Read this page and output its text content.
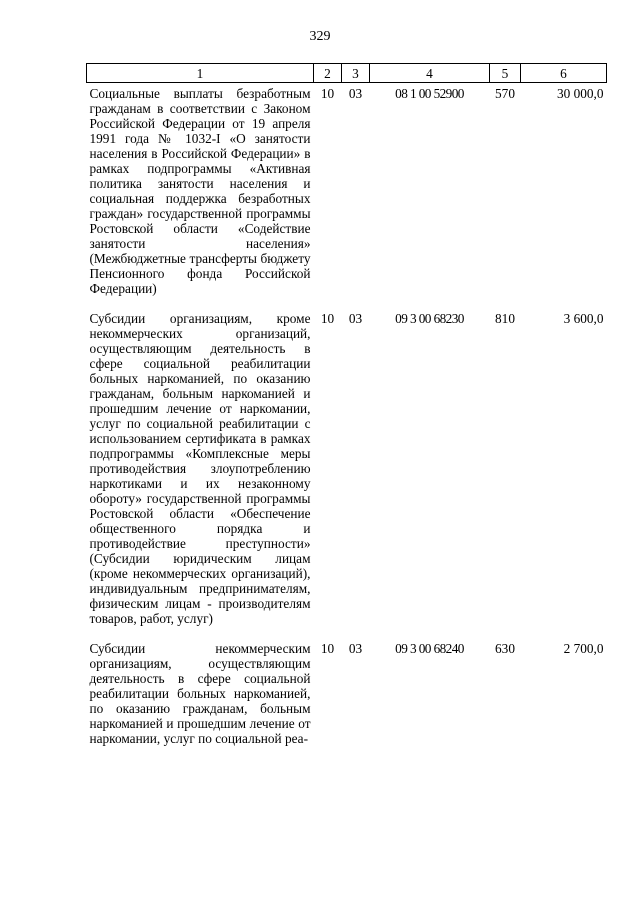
329
1	2	3	4	5	6
Социальные выплаты безработным гражданам в соответствии с Законом Российской Федерации от 19 апреля 1991 года № 1032-I «О занятости населения в Российской Федерации» в рамках подпрограммы «Активная политика занятости населения и социальная поддержка безработных граждан» государственной программы Ростовской области «Содействие занятости населения» (Межбюджетные трансферты бюджету Пенсионного фонда Российской Федерации)	10	03	08 1 00 52900	570	30 000,0
Субсидии организациям, кроме некоммерческих организаций, осуществляющим деятельность в сфере социальной реабилитации больных наркоманией, по оказанию гражданам, больным наркоманией и прошедшим лечение от наркомании, услуг по социальной реабилитации с использованием сертификата в рамках подпрограммы «Комплексные меры противодействия злоупотреблению наркотиками и их незаконному обороту» государственной программы Ростовской области «Обеспечение общественного порядка и противодействие преступности» (Субсидии юридическим лицам (кроме некоммерческих организаций), индивидуальным предпринимателям, физическим лицам - производителям товаров, работ, услуг)	10	03	09 3 00 68230	810	3 600,0
Субсидии некоммерческим организациям, осуществляющим деятельность в сфере социальной реабилитации больных наркоманией, по оказанию гражданам, больным наркоманией и прошедшим лечение от наркомании, услуг по социальной реа-	10	03	09 3 00 68240	630	2 700,0
